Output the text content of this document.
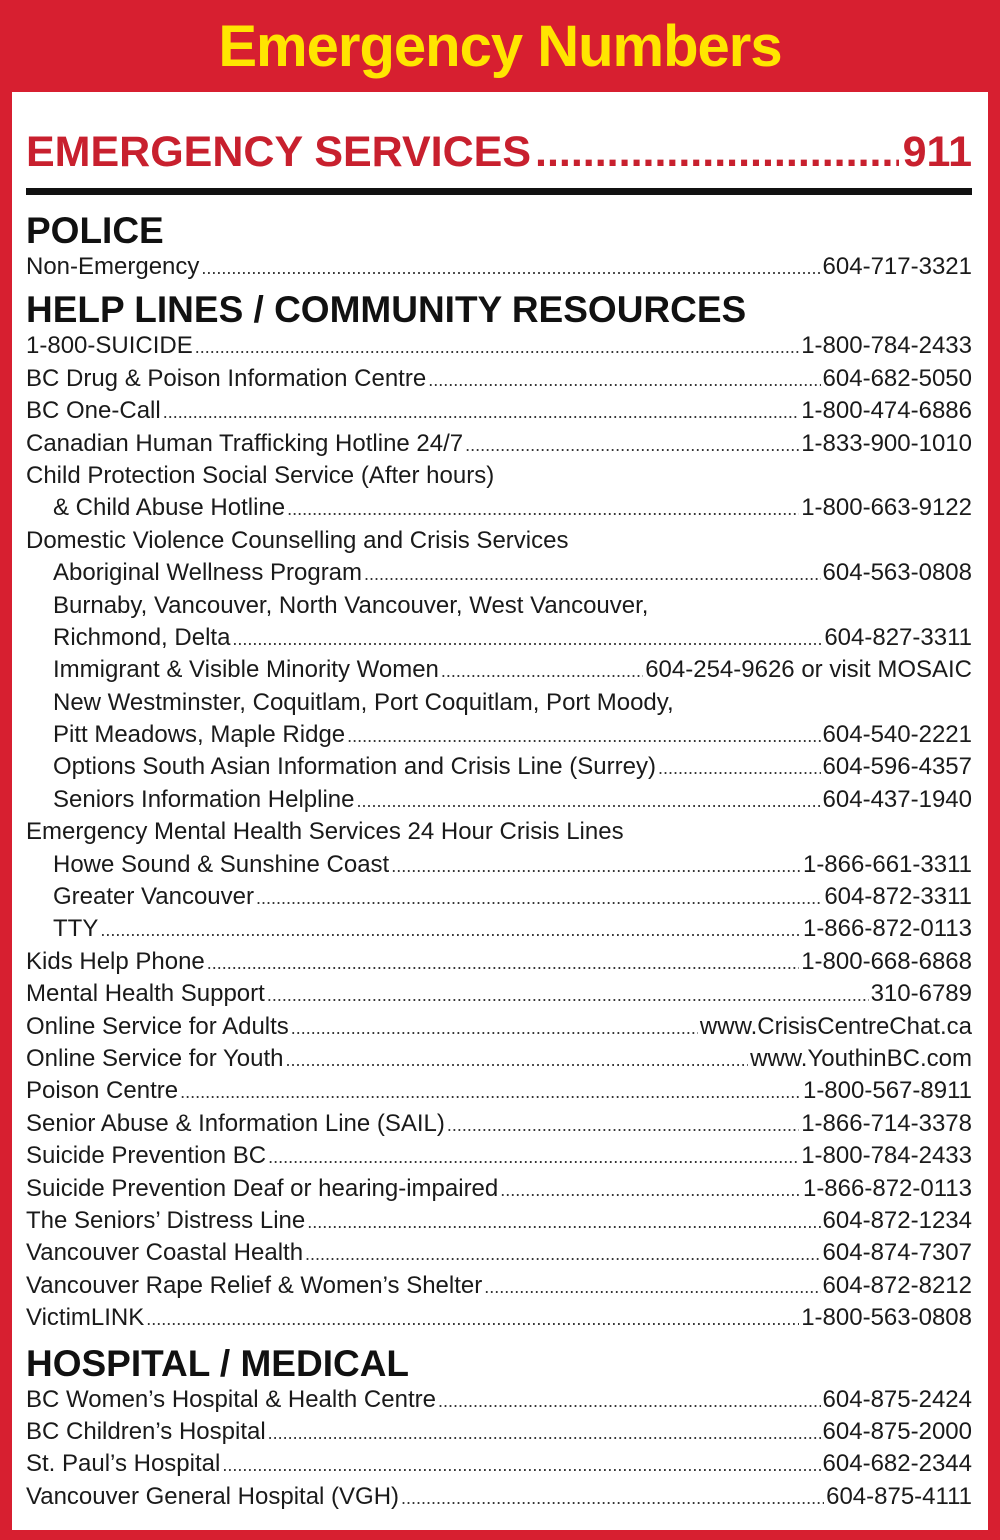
Emergency Numbers
EMERGENCY SERVICES .....	911
POLICE
Non-Emergency .....	604-717-3321
HELP LINES / COMMUNITY RESOURCES
1-800-SUICIDE .....	1-800-784-2433
BC Drug & Poison Information Centre .....	604-682-5050
BC One-Call .....	1-800-474-6886
Canadian Human Trafficking Hotline 24/7 .....	1-833-900-1010
Child Protection Social Service (After hours)
& Child Abuse Hotline .....	1-800-663-9122
Domestic Violence Counselling and Crisis Services
Aboriginal Wellness Program .....	604-563-0808
Burnaby, Vancouver, North Vancouver, West Vancouver,
Richmond, Delta .....	604-827-3311
Immigrant & Visible Minority Women .....	604-254-9626 or visit MOSAIC
New Westminster, Coquitlam, Port Coquitlam, Port Moody,
Pitt Meadows, Maple Ridge .....	604-540-2221
Options South Asian Information and Crisis Line (Surrey) .....	604-596-4357
Seniors Information Helpline .....	604-437-1940
Emergency Mental Health Services 24 Hour Crisis Lines
Howe Sound & Sunshine Coast .....	1-866-661-3311
Greater Vancouver .....	604-872-3311
TTY .....	1-866-872-0113
Kids Help Phone .....	1-800-668-6868
Mental Health Support .....	310-6789
Online Service for Adults .....	www.CrisisCentreChat.ca
Online Service for Youth .....	www.YouthinBC.com
Poison Centre .....	1-800-567-8911
Senior Abuse & Information Line (SAIL) .....	1-866-714-3378
Suicide Prevention BC .....	1-800-784-2433
Suicide Prevention Deaf or hearing-impaired .....	1-866-872-0113
The Seniors’ Distress Line .....	604-872-1234
Vancouver Coastal Health .....	604-874-7307
Vancouver Rape Relief & Women’s Shelter .....	604-872-8212
VictimLINK .....	1-800-563-0808
HOSPITAL / MEDICAL
BC Women’s Hospital & Health Centre .....	604-875-2424
BC Children’s Hospital .....	604-875-2000
St. Paul’s Hospital .....	604-682-2344
Vancouver General Hospital (VGH) .....	604-875-4111
